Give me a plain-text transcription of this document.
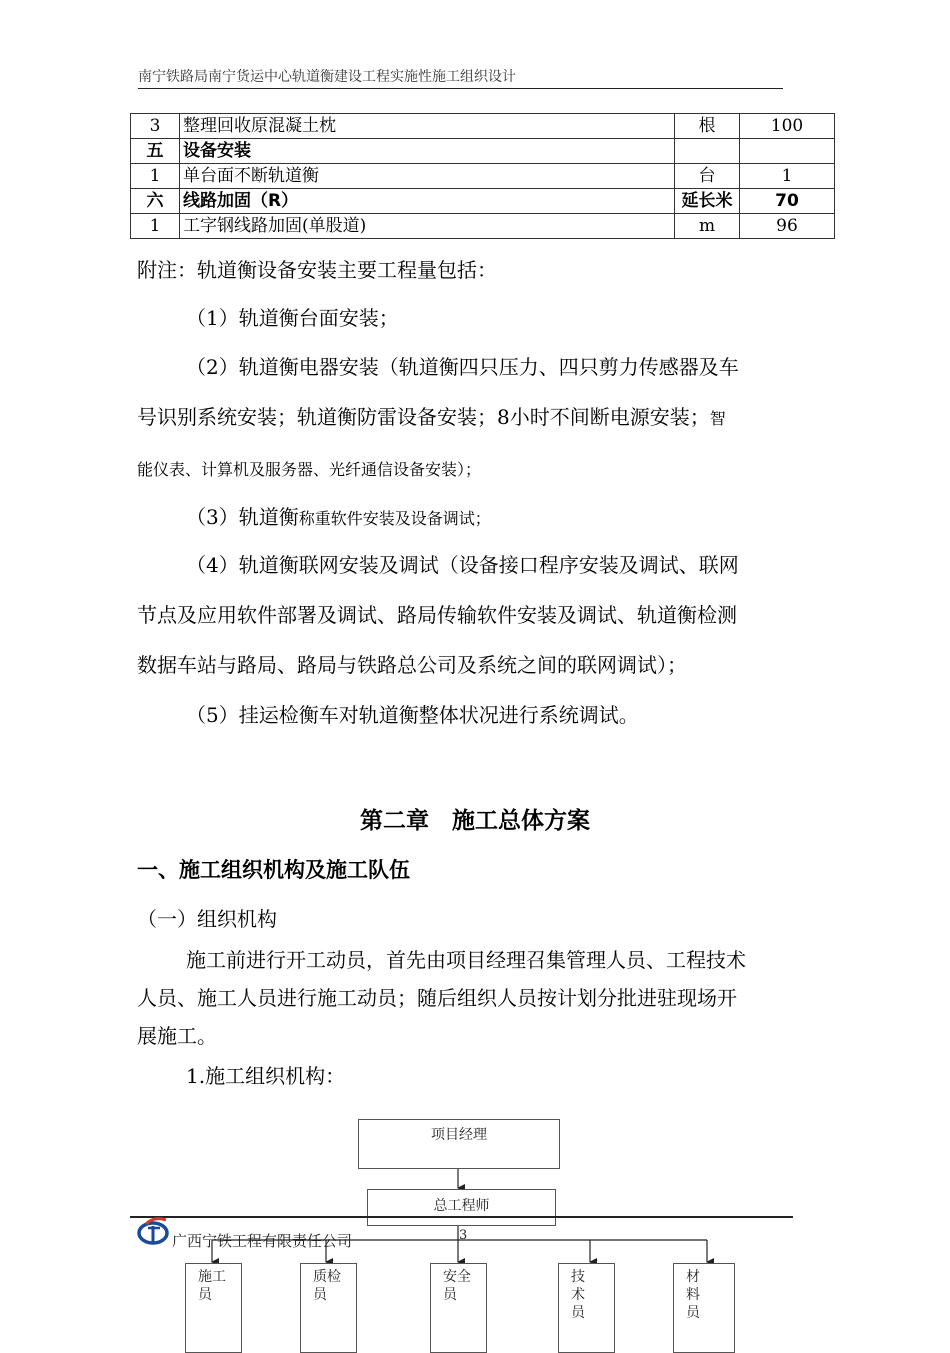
南宁铁路局南宁货运中心轨道衡建设工程实施性施工组织设计
3	整理回收原混凝土枕	根	100
五	设备安装		
1	单台面不断轨道衡	台	1
六	线路加固（R）	延长米	70
1	工字钢线路加固(单股道)	m	96
附注：轨道衡设备安装主要工程量包括：
（1）轨道衡台面安装；
（2）轨道衡电器安装（轨道衡四只压力、四只剪力传感器及车
号识别系统安装；轨道衡防雷设备安装；8小时不间断电源安装；智
能仪表、计算机及服务器、光纤通信设备安装）；
（3）轨道衡称重软件安装及设备调试；
（4）轨道衡联网安装及调试（设备接口程序安装及调试、联网
节点及应用软件部署及调试、路局传输软件安装及调试、轨道衡检测
数据车站与路局、路局与铁路总公司及系统之间的联网调试）；
（5）挂运检衡车对轨道衡整体状况进行系统调试。
第二章　施工总体方案
一、施工组织机构及施工队伍
（一）组织机构
施工前进行开工动员，首先由项目经理召集管理人员、工程技术
人员、施工人员进行施工动员；随后组织人员按计划分批进驻现场开
展施工。
1.施工组织机构：
项目经理
总工程师
施工
员
质检
员
安全
员
技
术
员
材
料
员
广西宁铁工程有限责任公司	3
